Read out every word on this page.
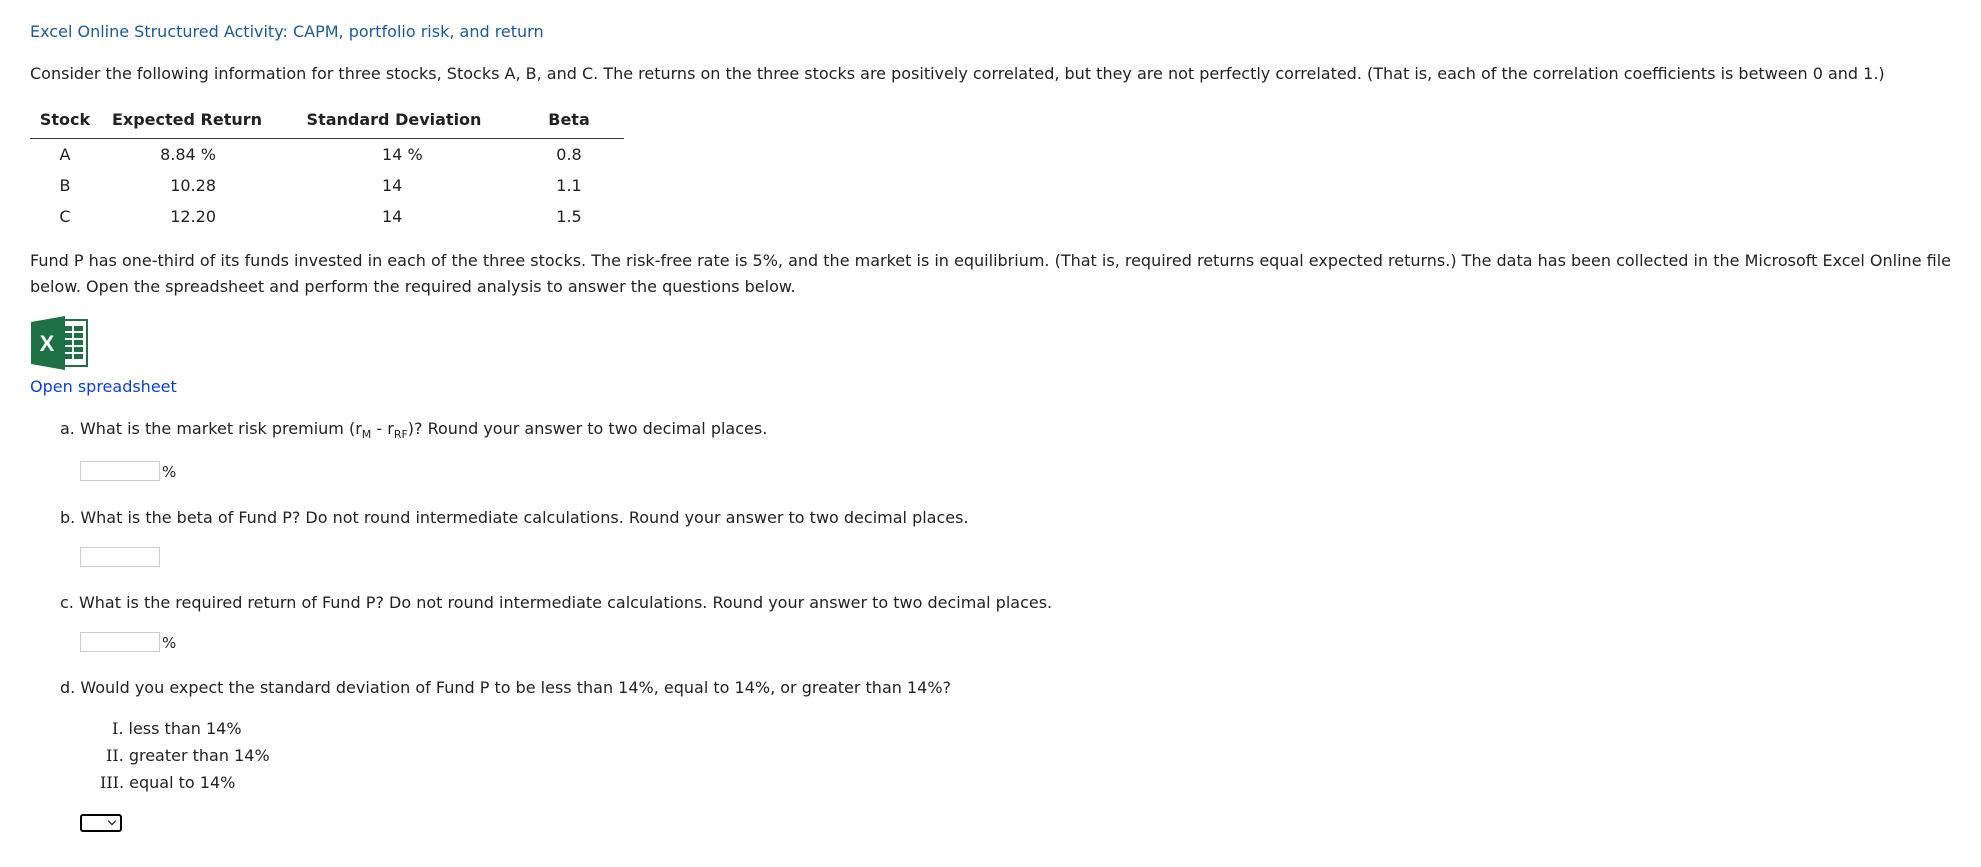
Excel Online Structured Activity: CAPM, portfolio risk, and return
Consider the following information for three stocks, Stocks A, B, and C. The returns on the three stocks are positively correlated, but they are not perfectly correlated. (That is, each of the correlation coefficients is between 0 and 1.)
Stock	Expected Return	Standard Deviation	Beta
A	8.84 %	14 %	0.8
B	10.28	14	1.1
C	12.20	14	1.5
Fund P has one-third of its funds invested in each of the three stocks. The risk-free rate is 5%, and the market is in equilibrium. (That is, required returns equal expected returns.) The data has been collected in the Microsoft Excel Online file below. Open the spreadsheet and perform the required analysis to answer the questions below.
X
Open spreadsheet
a. What is the market risk premium $(r_M - r_{RF})$? Round your answer to two decimal places.
%
b. What is the beta of Fund P? Do not round intermediate calculations. Round your answer to two decimal places.
c. What is the required return of Fund P? Do not round intermediate calculations. Round your answer to two decimal places.
%
d. Would you expect the standard deviation of Fund P to be less than 14%, equal to 14%, or greater than 14%?
I. less than 14%
II. greater than 14%
III. equal to 14%
